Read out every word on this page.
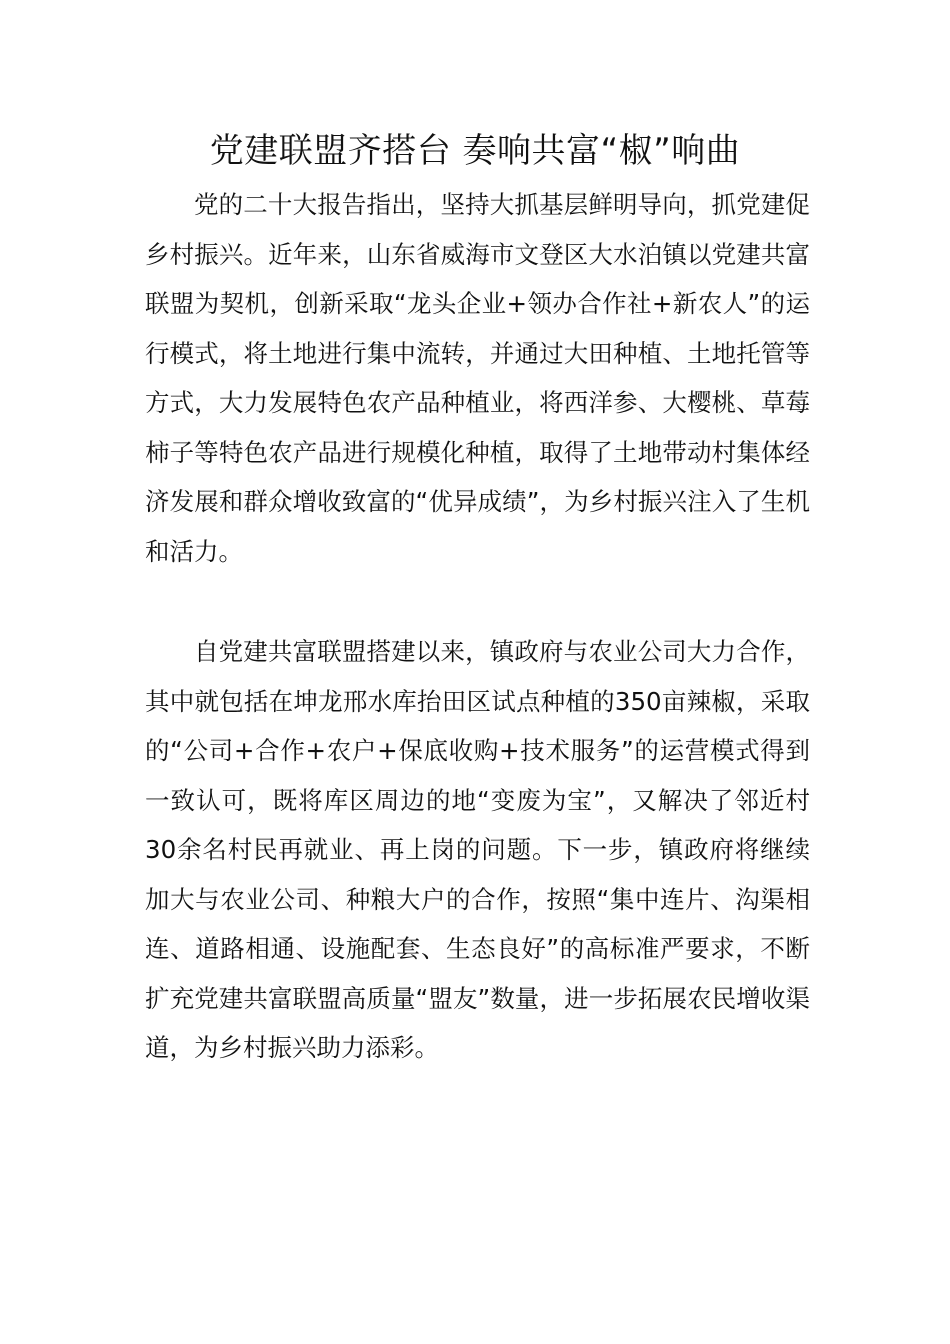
党建联盟齐搭台 奏响共富“椒”响曲

党的二十大报告指出，坚持大抓基层鲜明导向，抓党建促乡村振兴。近年来，山东省威海市文登区大水泊镇以党建共富联盟为契机，创新采取“龙头企业+领办合作社+新农人”的运行模式，将土地进行集中流转，并通过大田种植、土地托管等方式，大力发展特色农产品种植业，将西洋参、大樱桃、草莓柿子等特色农产品进行规模化种植，取得了土地带动村集体经济发展和群众增收致富的“优异成绩”，为乡村振兴注入了生机和活力。

自党建共富联盟搭建以来，镇政府与农业公司大力合作，其中就包括在坤龙邢水库抬田区试点种植的350亩辣椒，采取的“公司+合作+农户+保底收购+技术服务”的运营模式得到一致认可，既将库区周边的地“变废为宝”，又解决了邻近村30余名村民再就业、再上岗的问题。下一步，镇政府将继续加大与农业公司、种粮大户的合作，按照“集中连片、沟渠相连、道路相通、设施配套、生态良好”的高标准严要求，不断扩充党建共富联盟高质量“盟友”数量，进一步拓展农民增收渠道，为乡村振兴助力添彩。
